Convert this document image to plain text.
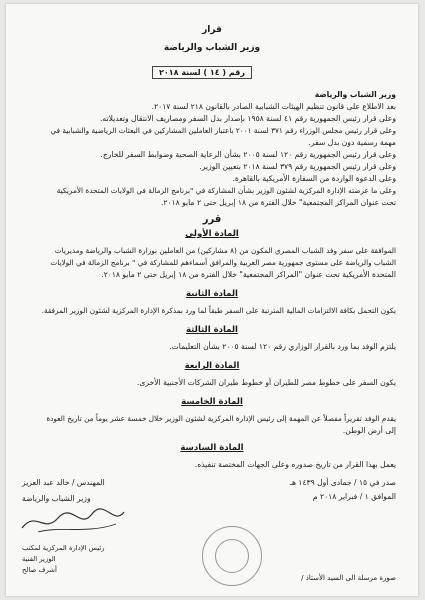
قرار
وزير الشباب والرياضة
رقم ( ١٤ ) لسنة ٢٠١٨
وزير الشباب والرياضة
بعد الاطلاع على قانون تنظيم الهيئات الشبابية الصادر بالقانون ٢١٨ لسنة ٢٠١٧.
وعلى قرار رئيس الجمهورية رقم ٤١ لسنة ١٩٥٨ بإصدار بدل السفر ومصاريف الانتقال وتعديلاته.
وعلى قرار رئيس مجلس الوزراء رقم ٣٧١ لسنة ٢٠٠١ باعتبار العاملين المشاركين في البعثات الرياضية والشبابية في
مهمة رسمية دون بدل سفر.
وعلى قرار رئيس الجمهورية رقم ١٢٠ لسنة ٢٠٠٥ بشأن الرعاية الصحية وضوابط السفر للخارج.
وعلى قرار رئيس الجمهورية رقم ٣٧٩ لسنة ٢٠١٨ بتعيين الوزير.
وعلى الدعوة الواردة من السفارة الأمريكية بالقاهرة.
وعلى ما عرضته الإدارة المركزية لشئون الوزير بشأن المشاركة في "برنامج الزمالة في الولايات المتحدة الأمريكية
تحت عنوان المراكز المجتمعية" خلال الفترة من ١٨ إبريل حتى ٢ مايو ٢٠١٨.
قرر
المادة الأولى
الموافقة على سفر وفد الشباب المصري المكون من (٨ مشاركين) من العاملين بوزارة الشباب والرياضة ومديريات
الشباب والرياضة على مستوى جمهورية مصر العربية والمرافق أسماءهم للمشاركة في " برنامج الزمالة في الولايات
المتحدة الأمريكية تحت عنوان "المراكز المجتمعية" خلال الفترة من ١٨ إبريل حتى ٢ مايو ٢٠١٨.
المادة الثانية
يكون التحمل بكافة الالتزامات المالية المترتبة على السفر طبقاً لما ورد بمذكرة الإدارة المركزية لشئون الوزير المرفقة.
المادة الثالثة
يلتزم الوفد بما ورد بالقرار الوزاري رقم ١٢٠ لسنة ٢٠٠٥ بشأن التعليمات.
المادة الرابعة
يكون السفر على خطوط مصر للطيران أو خطوط طيران الشركات الأجنبية الأخرى.
المادة الخامسة
يقدم الوفد تقريراً مفصلاً عن المهمة إلى رئيس الإدارة المركزية لشئون الوزير خلال خمسة عشر يوماً من تاريخ العودة
إلى أرض الوطن.
المادة السادسة
يعمل بهذا القرار من تاريخ صدوره وعلى الجهات المختصة تنفيذه.
صدر في ١٥ / جمادى أول ١٤٣٩ هـ
الموافق ١ / فبراير ٢٠١٨ م
المهندس / خالد عبد العزيز
وزير الشباب والرياضة
رئيس الإدارة المركزية لمكتب
الوزير الفنية
أشرف صالح
صورة مرسلة الى السيد الأستاذ /
